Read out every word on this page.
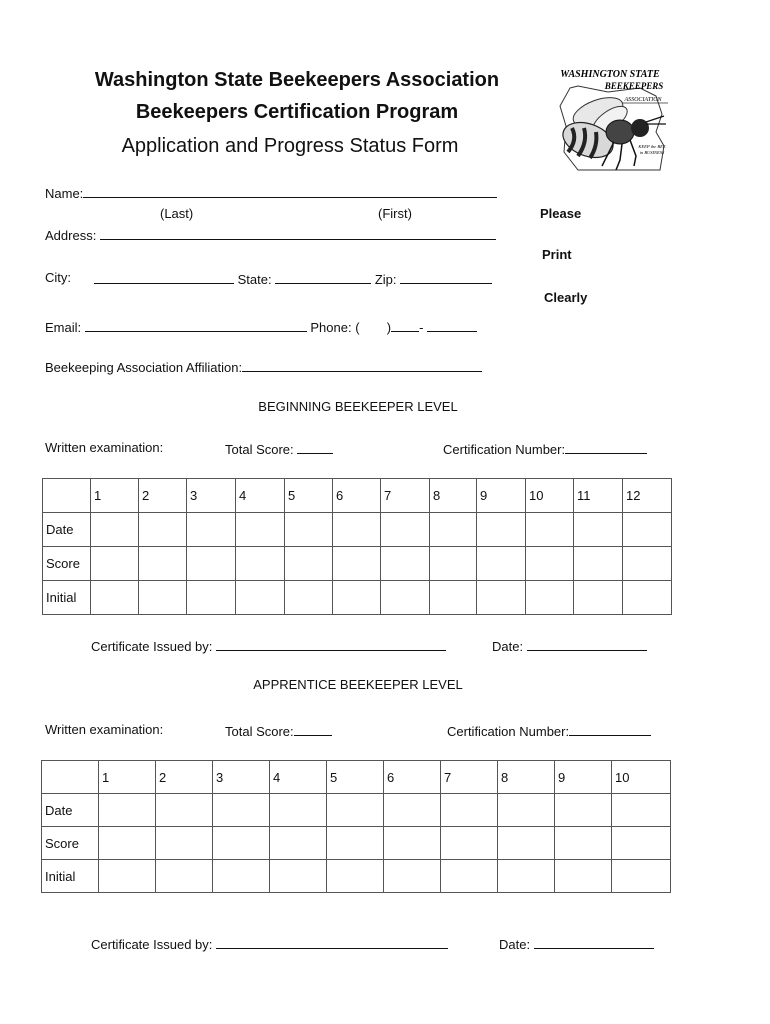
Washington State Beekeepers Association
Beekeepers Certification Program
Application and Progress Status Form
WASHINGTON STATE
BEEKEEPERS
ASSOCIATION
KEEP the BEE
in BUSINESS
Name:
(Last)	(First)
Address:
City:	State:	Zip:
Email:	Phone: ( ) -
Beekeeping Association Affiliation:
Please
Print
Clearly
BEGINNING BEEKEEPER LEVEL
Written examination:	Total Score:	Certification Number:
	1	2	3	4	5	6	7	8	9	10	11	12
Date												
Score												
Initial												
Certificate Issued by:	Date:
APPRENTICE BEEKEEPER LEVEL
Written examination:	Total Score:	Certification Number:
	1	2	3	4	5	6	7	8	9	10
Date										
Score										
Initial										
Certificate Issued by:	Date:
